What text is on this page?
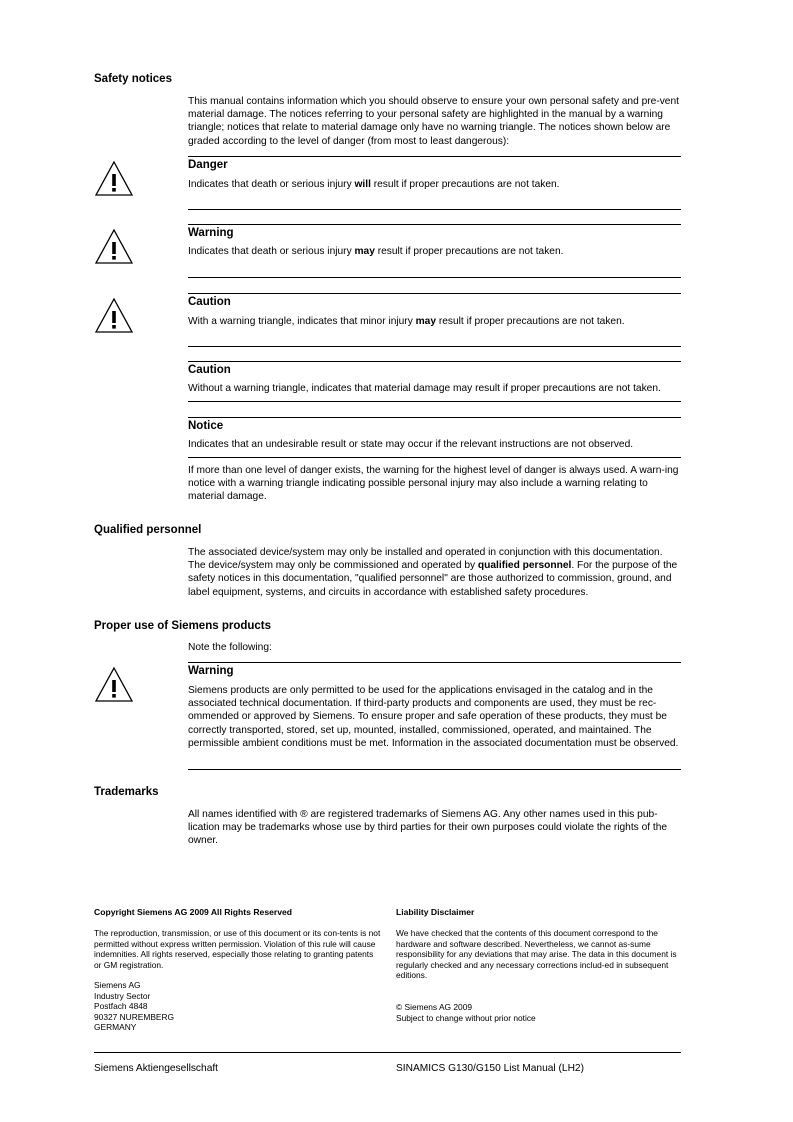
Safety notices
This manual contains information which you should observe to ensure your own personal safety and pre-vent material damage. The notices referring to your personal safety are highlighted in the manual by a warning triangle; notices that relate to material damage only have no warning triangle. The notices shown below are graded according to the level of danger (from most to least dangerous):
Danger
Indicates that death or serious injury will result if proper precautions are not taken.
Warning
Indicates that death or serious injury may result if proper precautions are not taken.
Caution
With a warning triangle, indicates that minor injury may result if proper precautions are not taken.
Caution
Without a warning triangle, indicates that material damage may result if proper precautions are not taken.
Notice
Indicates that an undesirable result or state may occur if the relevant instructions are not observed.
If more than one level of danger exists, the warning for the highest level of danger is always used. A warn-ing notice with a warning triangle indicating possible personal injury may also include a warning relating to material damage.
Qualified personnel
The associated device/system may only be installed and operated in conjunction with this documentation. The device/system may only be commissioned and operated by qualified personnel. For the purpose of the safety notices in this documentation, "qualified personnel" are those authorized to commission, ground, and label equipment, systems, and circuits in accordance with established safety procedures.
Proper use of Siemens products
Note the following:
Warning
Siemens products are only permitted to be used for the applications envisaged in the catalog and in the associated technical documentation. If third-party products and components are used, they must be rec-ommended or approved by Siemens. To ensure proper and safe operation of these products, they must be correctly transported, stored, set up, mounted, installed, commissioned, operated, and maintained. The permissible ambient conditions must be met. Information in the associated documentation must be observed.
Trademarks
All names identified with ® are registered trademarks of Siemens AG. Any other names used in this pub-lication may be trademarks whose use by third parties for their own purposes could violate the rights of the owner.
Copyright Siemens AG 2009 All Rights Reserved
The reproduction, transmission, or use of this document or its con-tents is not permitted without express written permission. Violation of this rule will cause indemnities. All rights reserved, especially those relating to granting patents or GM registration.
Siemens AG
Industry Sector
Postfach 4848
90327 NUREMBERG
GERMANY
Liability Disclaimer
We have checked that the contents of this document correspond to the hardware and software described. Nevertheless, we cannot as-sume responsibility for any deviations that may arise. The data in this document is regularly checked and any necessary corrections includ-ed in subsequent editions.
© Siemens AG 2009
Subject to change without prior notice
Siemens Aktiengesellschaft	SINAMICS G130/G150 List Manual (LH2)
